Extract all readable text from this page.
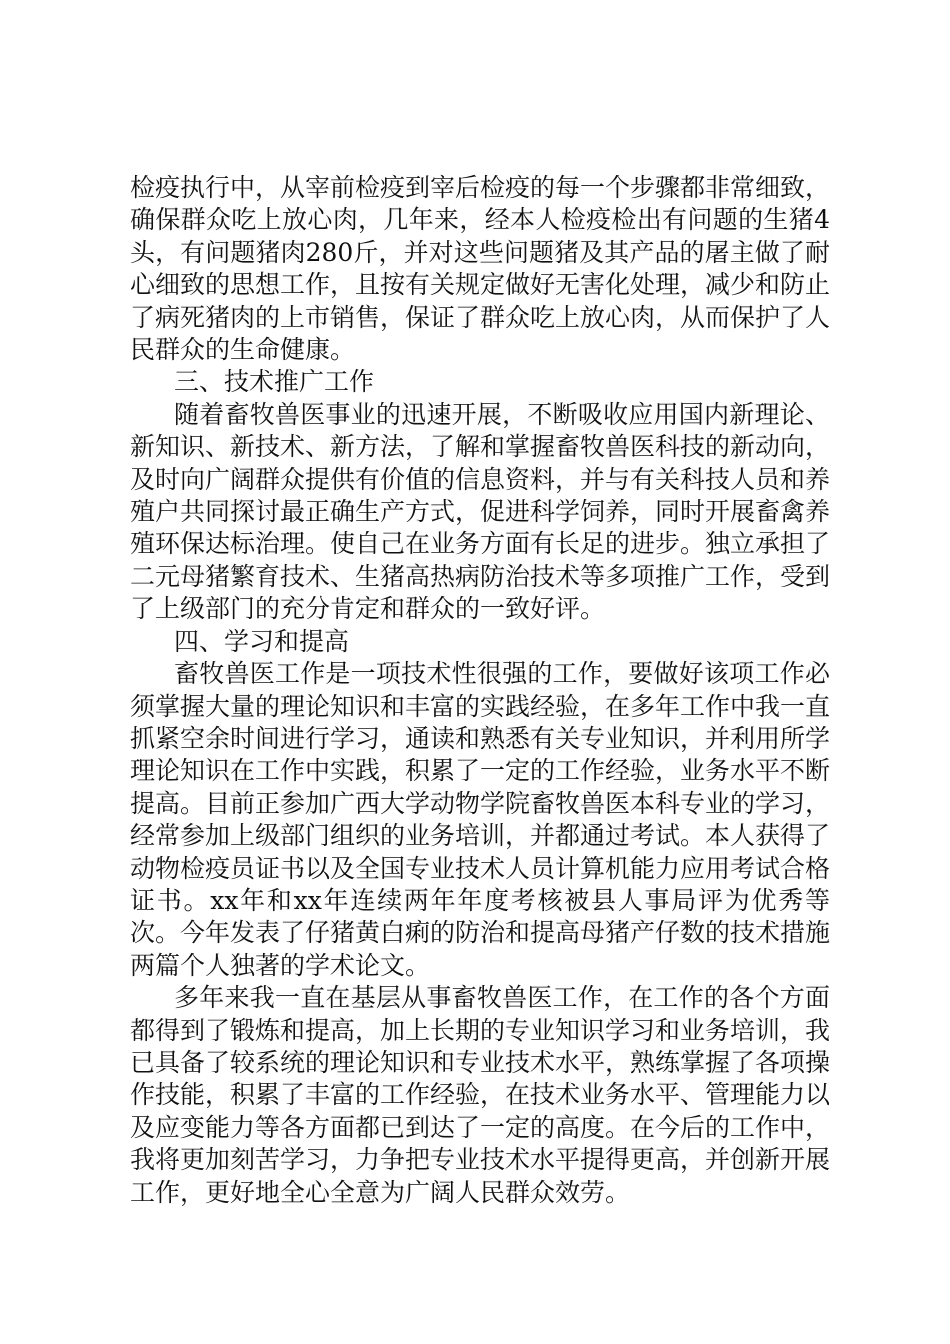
检疫执行中，从宰前检疫到宰后检疫的每一个步骤都非常细致，确保群众吃上放心肉，几年来，经本人检疫检出有问题的生猪4头，有问题猪肉280斤，并对这些问题猪及其产品的屠主做了耐心细致的思想工作，且按有关规定做好无害化处理，减少和防止了病死猪肉的上市销售，保证了群众吃上放心肉，从而保护了人民群众的生命健康。

三、技术推广工作

随着畜牧兽医事业的迅速开展，不断吸收应用国内新理论、新知识、新技术、新方法，了解和掌握畜牧兽医科技的新动向，及时向广阔群众提供有价值的信息资料，并与有关科技人员和养殖户共同探讨最正确生产方式，促进科学饲养，同时开展畜禽养殖环保达标治理。使自己在业务方面有长足的进步。独立承担了二元母猪繁育技术、生猪高热病防治技术等多项推广工作，受到了上级部门的充分肯定和群众的一致好评。

四、学习和提高

畜牧兽医工作是一项技术性很强的工作，要做好该项工作必须掌握大量的理论知识和丰富的实践经验，在多年工作中我一直抓紧空余时间进行学习，通读和熟悉有关专业知识，并利用所学理论知识在工作中实践，积累了一定的工作经验，业务水平不断提高。目前正参加广西大学动物学院畜牧兽医本科专业的学习，经常参加上级部门组织的业务培训，并都通过考试。本人获得了动物检疫员证书以及全国专业技术人员计算机能力应用考试合格证书。xx年和xx年连续两年年度考核被县人事局评为优秀等次。今年发表了仔猪黄白痢的防治和提高母猪产仔数的技术措施两篇个人独著的学术论文。

多年来我一直在基层从事畜牧兽医工作，在工作的各个方面都得到了锻炼和提高，加上长期的专业知识学习和业务培训，我已具备了较系统的理论知识和专业技术水平，熟练掌握了各项操作技能，积累了丰富的工作经验，在技术业务水平、管理能力以及应变能力等各方面都已到达了一定的高度。在今后的工作中，我将更加刻苦学习，力争把专业技术水平提得更高，并创新开展工作，更好地全心全意为广阔人民群众效劳。
